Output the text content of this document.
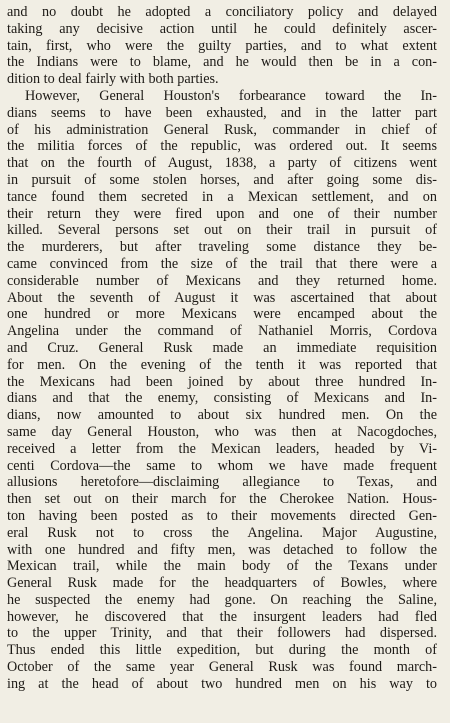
and no doubt he adopted a conciliatory policy and delayed
taking any decisive action until he could definitely ascer-
tain, first, who were the guilty parties, and to what extent
the Indians were to blame, and he would then be in a con-
dition to deal fairly with both parties.
However, General Houston's forbearance toward the In-
dians seems to have been exhausted, and in the latter part
of his administration General Rusk, commander in chief of
the militia forces of the republic, was ordered out. It seems
that on the fourth of August, 1838, a party of citizens went
in pursuit of some stolen horses, and after going some dis-
tance found them secreted in a Mexican settlement, and on
their return they were fired upon and one of their number
killed. Several persons set out on their trail in pursuit of
the murderers, but after traveling some distance they be-
came convinced from the size of the trail that there were a
considerable number of Mexicans and they returned home.
About the seventh of August it was ascertained that about
one hundred or more Mexicans were encamped about the
Angelina under the command of Nathaniel Morris, Cordova
and Cruz. General Rusk made an immediate requisition
for men. On the evening of the tenth it was reported that
the Mexicans had been joined by about three hundred In-
dians and that the enemy, consisting of Mexicans and In-
dians, now amounted to about six hundred men. On the
same day General Houston, who was then at Nacogdoches,
received a letter from the Mexican leaders, headed by Vi-
centi Cordova—the same to whom we have made frequent
allusions heretofore—disclaiming allegiance to Texas, and
then set out on their march for the Cherokee Nation. Hous-
ton having been posted as to their movements directed Gen-
eral Rusk not to cross the Angelina. Major Augustine,
with one hundred and fifty men, was detached to follow the
Mexican trail, while the main body of the Texans under
General Rusk made for the headquarters of Bowles, where
he suspected the enemy had gone. On reaching the Saline,
however, he discovered that the insurgent leaders had fled
to the upper Trinity, and that their followers had dispersed.
Thus ended this little expedition, but during the month of
October of the same year General Rusk was found march-
ing at the head of about two hundred men on his way to
